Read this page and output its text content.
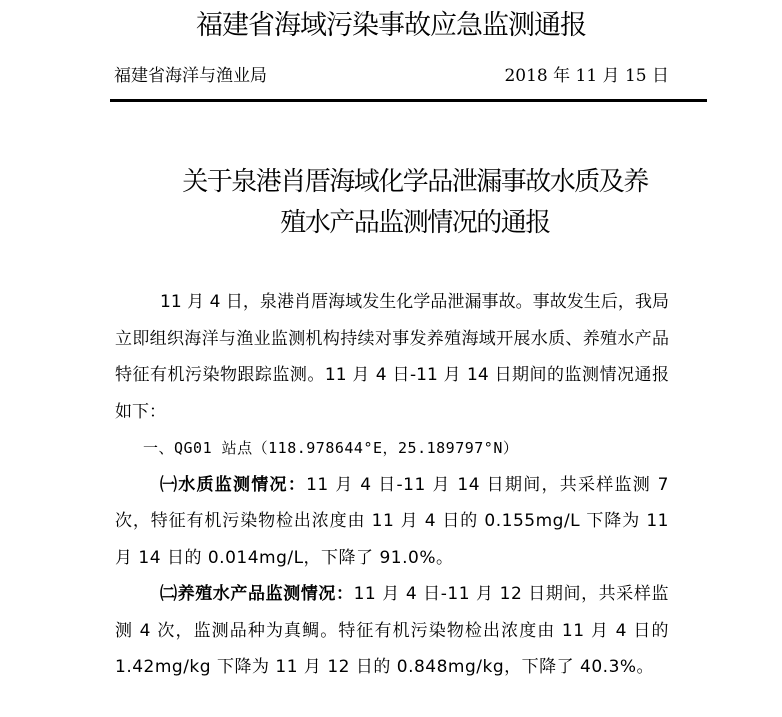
福建省海域污染事故应急监测通报
福建省海洋与渔业局	2018 年 11 月 15 日
关于泉港肖厝海域化学品泄漏事故水质及养
殖水产品监测情况的通报

11 月 4 日，泉港肖厝海域发生化学品泄漏事故。事故发生后，我局立即组织海洋与渔业监测机构持续对事发养殖海域开展水质、养殖水产品特征有机污染物跟踪监测。11 月 4 日-11 月 14 日期间的监测情况通报如下：

一、QG01 站点（118.978644°E，25.189797°N）

㈠水质监测情况：11 月 4 日-11 月 14 日期间，共采样监测 7 次，特征有机污染物检出浓度由 11 月 4 日的 0.155mg/L 下降为 11 月 14 日的 0.014mg/L，下降了 91.0%。

㈡养殖水产品监测情况：11 月 4 日-11 月 12 日期间，共采样监测 4 次，监测品种为真鲷。特征有机污染物检出浓度由 11 月 4 日的 1.42mg/kg 下降为 11 月 12 日的 0.848mg/kg，下降了 40.3%。
